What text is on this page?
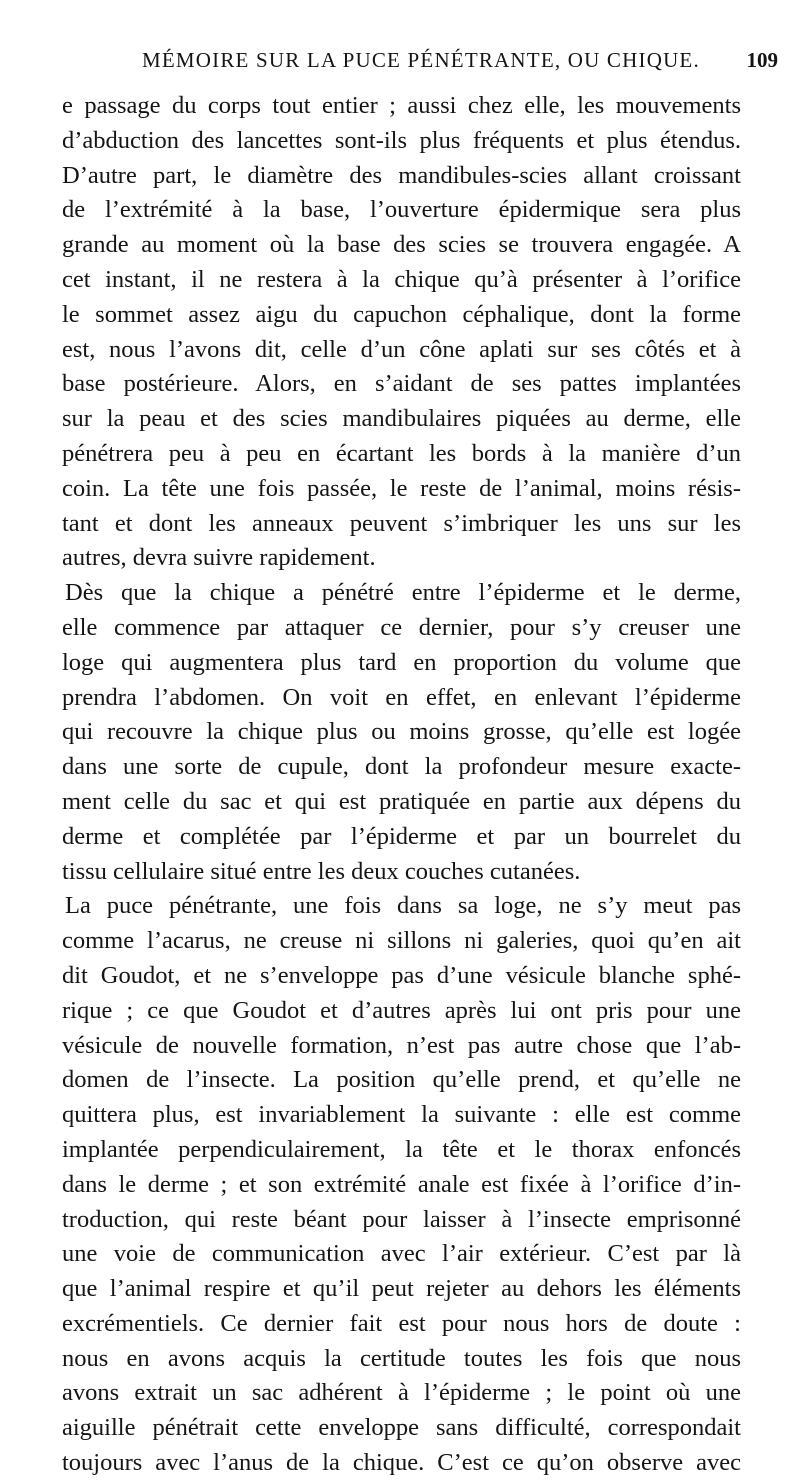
MÉMOIRE SUR LA PUCE PÉNÉTRANTE, OU CHIQUE. 109
e passage du corps tout entier ; aussi chez elle, les mouvements
d’abduction des lancettes sont-ils plus fréquents et plus étendus.
D’autre part, le diamètre des mandibules-scies allant croissant
de l’extrémité à la base, l’ouverture épidermique sera plus
grande au moment où la base des scies se trouvera engagée. A
cet instant, il ne restera à la chique qu’à présenter à l’orifice
le sommet assez aigu du capuchon céphalique, dont la forme
est, nous l’avons dit, celle d’un cône aplati sur ses côtés et à
base postérieure. Alors, en s’aidant de ses pattes implantées
sur la peau et des scies mandibulaires piquées au derme, elle
pénétrera peu à peu en écartant les bords à la manière d’un
coin. La tête une fois passée, le reste de l’animal, moins résis-
tant et dont les anneaux peuvent s’imbriquer les uns sur les
autres, devra suivre rapidement.
Dès que la chique a pénétré entre l’épiderme et le derme,
elle commence par attaquer ce dernier, pour s’y creuser une
loge qui augmentera plus tard en proportion du volume que
prendra l’abdomen. On voit en effet, en enlevant l’épiderme
qui recouvre la chique plus ou moins grosse, qu’elle est logée
dans une sorte de cupule, dont la profondeur mesure exacte-
ment celle du sac et qui est pratiquée en partie aux dépens du
derme et complétée par l’épiderme et par un bourrelet du
tissu cellulaire situé entre les deux couches cutanées.
La puce pénétrante, une fois dans sa loge, ne s’y meut pas
comme l’acarus, ne creuse ni sillons ni galeries, quoi qu’en ait
dit Goudot, et ne s’enveloppe pas d’une vésicule blanche sphé-
rique ; ce que Goudot et d’autres après lui ont pris pour une
vésicule de nouvelle formation, n’est pas autre chose que l’ab-
domen de l’insecte. La position qu’elle prend, et qu’elle ne
quittera plus, est invariablement la suivante : elle est comme
implantée perpendiculairement, la tête et le thorax enfoncés
dans le derme ; et son extrémité anale est fixée à l’orifice d’in-
troduction, qui reste béant pour laisser à l’insecte emprisonné
une voie de communication avec l’air extérieur. C’est par là
que l’animal respire et qu’il peut rejeter au dehors les éléments
excrémentiels. Ce dernier fait est pour nous hors de doute :
nous en avons acquis la certitude toutes les fois que nous
avons extrait un sac adhérent à l’épiderme ; le point où une
aiguille pénétrait cette enveloppe sans difficulté, correspondait
toujours avec l’anus de la chique. C’est ce qu’on observe avec
